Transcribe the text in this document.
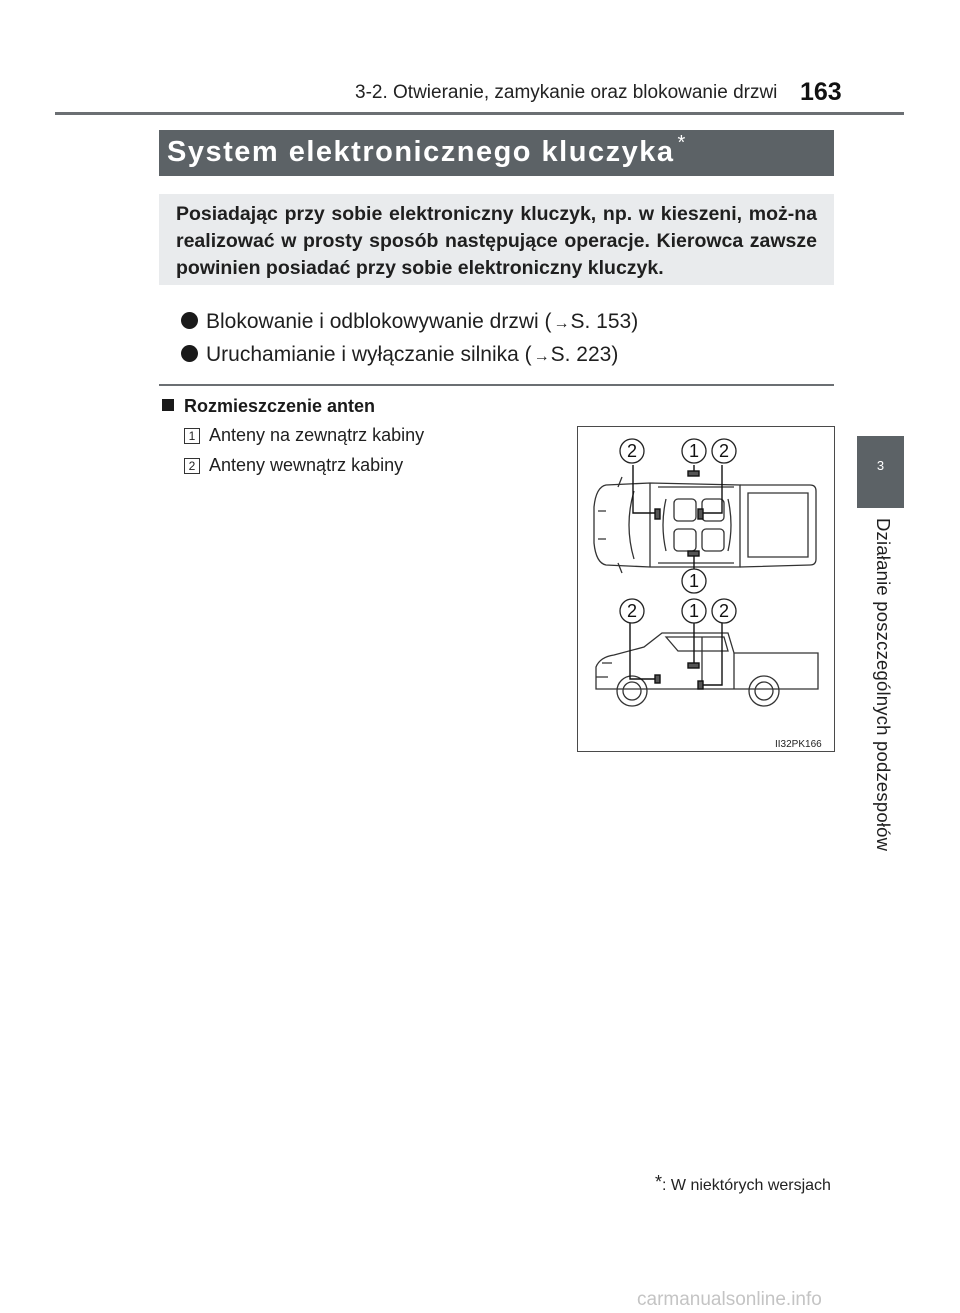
3-2. Otwieranie, zamykanie oraz blokowanie drzwi 163
System elektronicznego kluczyka *
Posiadając przy sobie elektroniczny kluczyk, np. w kieszeni, moż-na realizować w prosty sposób następujące operacje. Kierowca zawsze powinien posiadać przy sobie elektroniczny kluczyk.
Blokowanie i odblokowywanie drzwi ( →S. 153)
Uruchamianie i wyłączanie silnika ( →S. 223)
Rozmieszczenie anten
1 Anteny na zewnątrz kabiny
2 Anteny wewnątrz kabiny
2	1 2
1
2	1 2
II32PK166
3
Działanie poszczególnych podzespołów
*: W niektórych wersjach
carmanualsonline.info
